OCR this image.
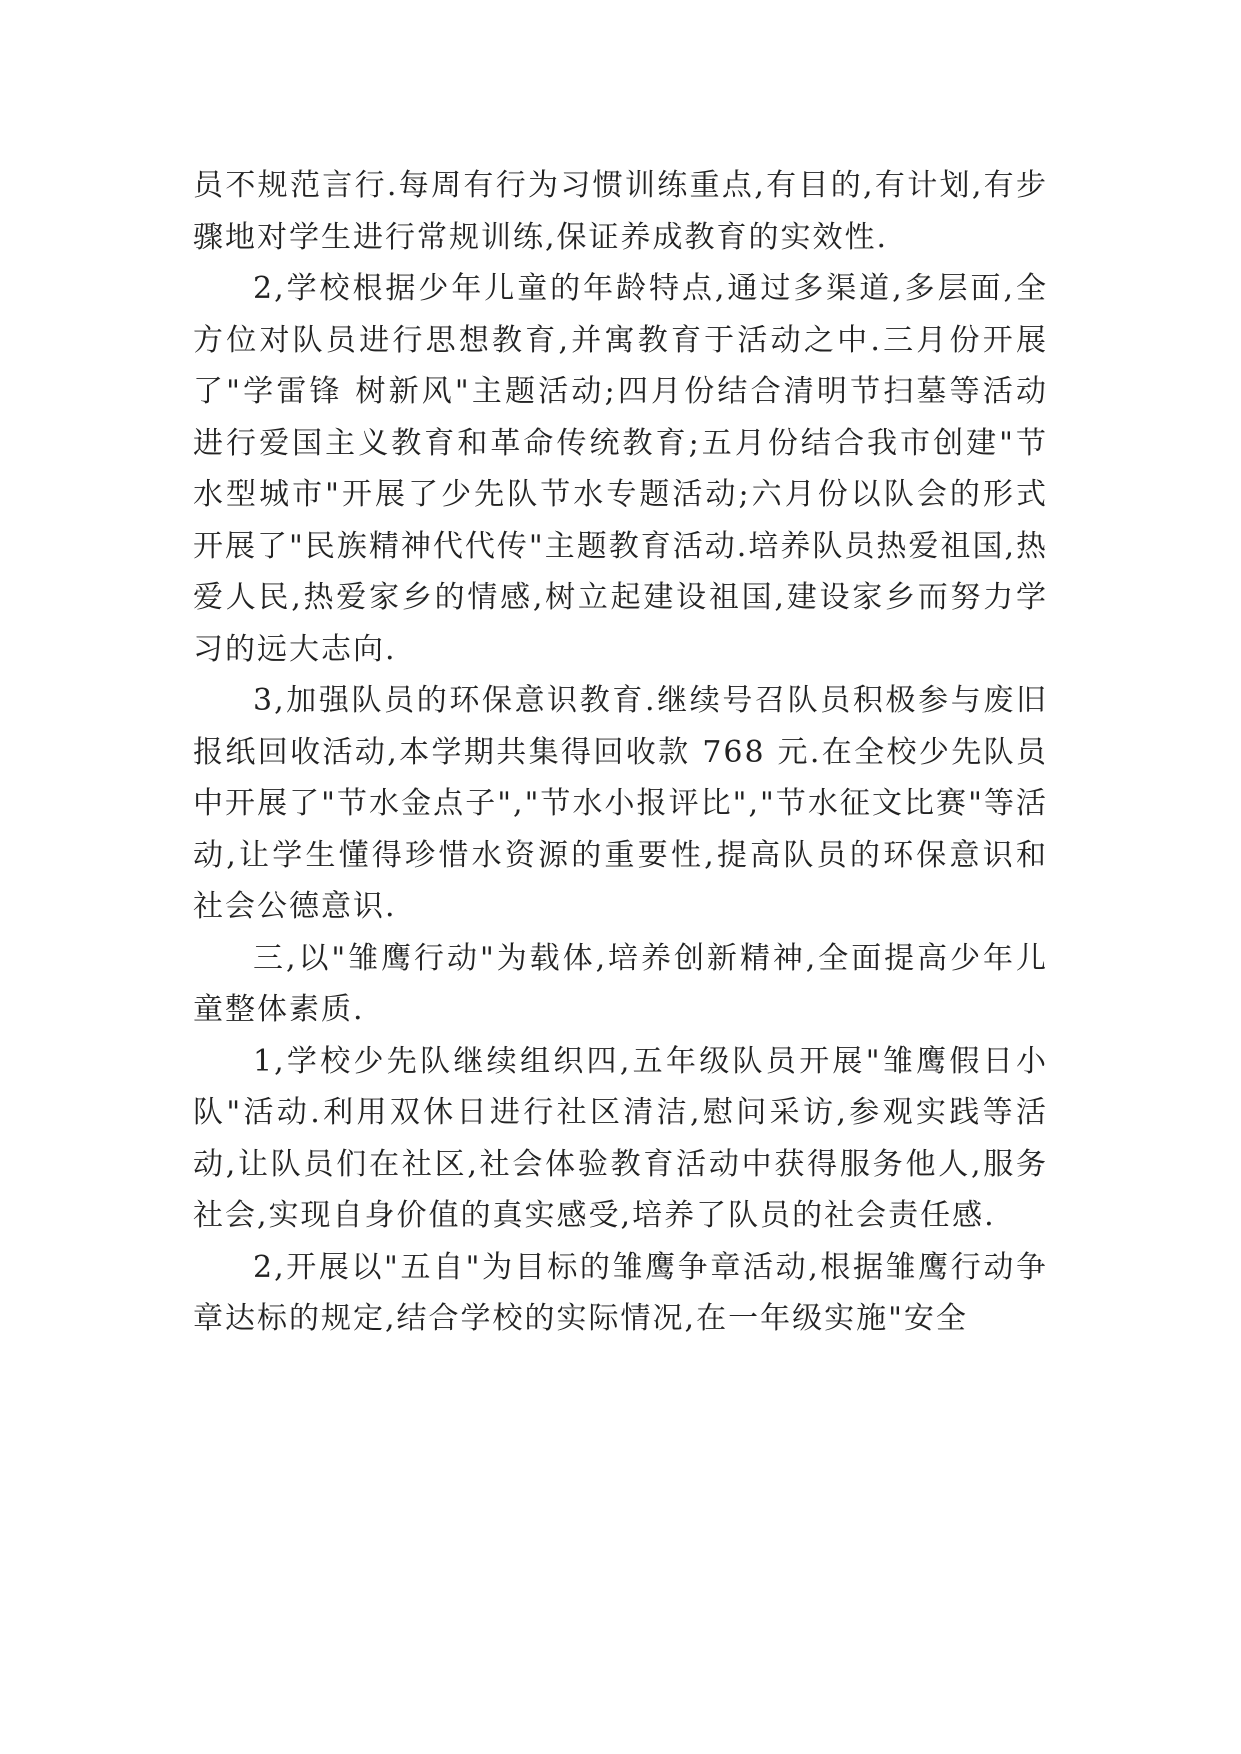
员不规范言行.每周有行为习惯训练重点,有目的,有计划,有步骤地对学生进行常规训练,保证养成教育的实效性.

2,学校根据少年儿童的年龄特点,通过多渠道,多层面,全方位对队员进行思想教育,并寓教育于活动之中.三月份开展了"学雷锋 树新风"主题活动;四月份结合清明节扫墓等活动进行爱国主义教育和革命传统教育;五月份结合我市创建"节水型城市"开展了少先队节水专题活动;六月份以队会的形式开展了"民族精神代代传"主题教育活动.培养队员热爱祖国,热爱人民,热爱家乡的情感,树立起建设祖国,建设家乡而努力学习的远大志向.

3,加强队员的环保意识教育.继续号召队员积极参与废旧报纸回收活动,本学期共集得回收款 768 元.在全校少先队员中开展了"节水金点子","节水小报评比","节水征文比赛"等活动,让学生懂得珍惜水资源的重要性,提高队员的环保意识和社会公德意识.

三,以"雏鹰行动"为载体,培养创新精神,全面提高少年儿童整体素质.

1,学校少先队继续组织四,五年级队员开展"雏鹰假日小队"活动.利用双休日进行社区清洁,慰问采访,参观实践等活动,让队员们在社区,社会体验教育活动中获得服务他人,服务社会,实现自身价值的真实感受,培养了队员的社会责任感.

2,开展以"五自"为目标的雏鹰争章活动,根据雏鹰行动争章达标的规定,结合学校的实际情况,在一年级实施"安全
